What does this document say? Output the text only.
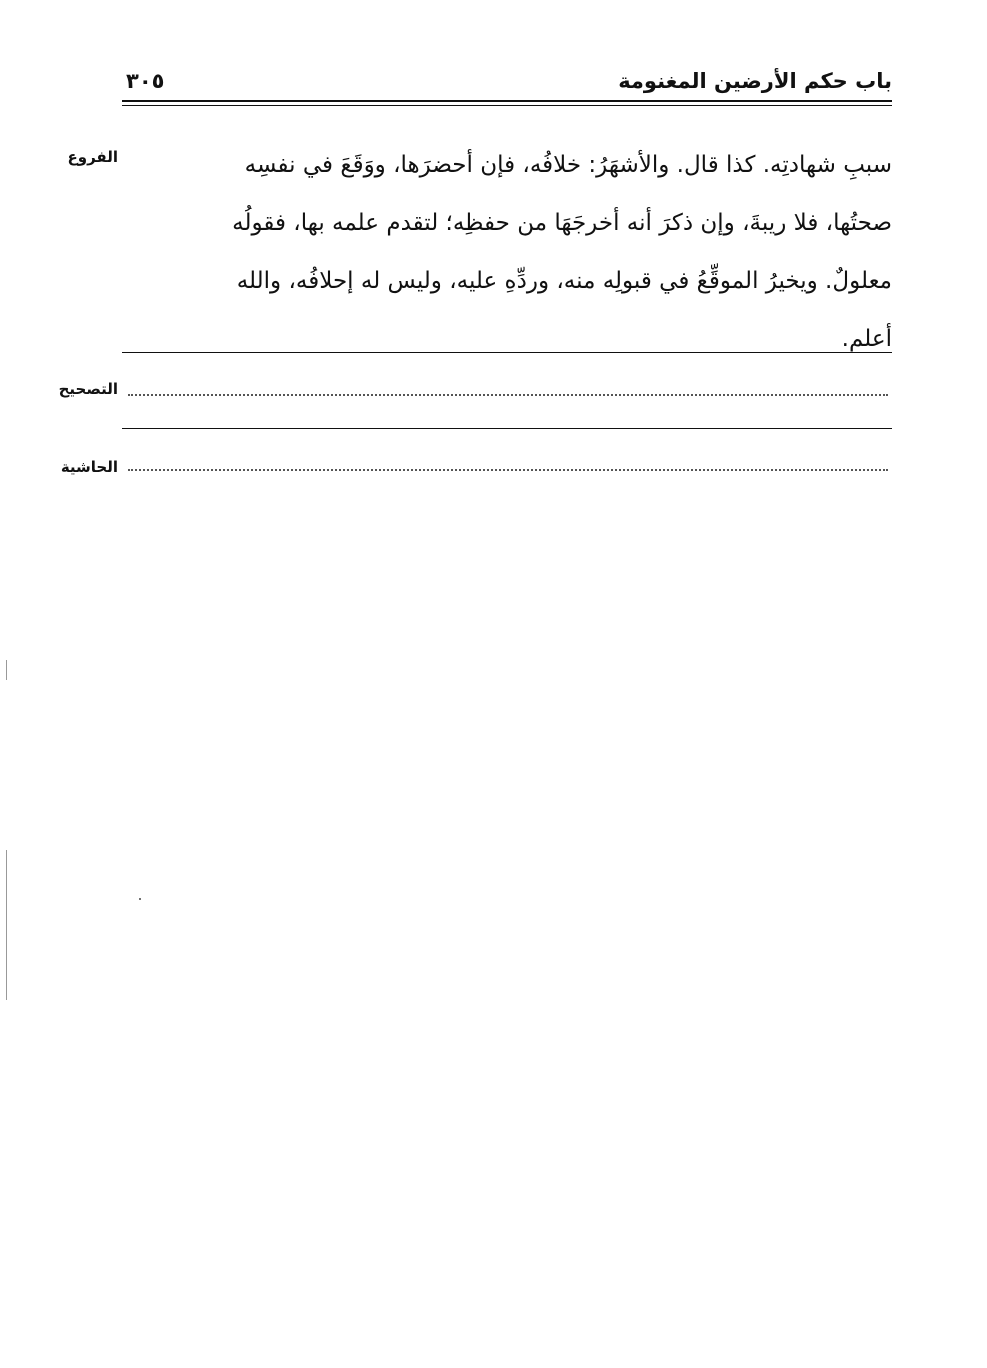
باب حكم الأرضين المغنومة
٣٠٥
الفروع	سببِ شهادتِه. كذا قال. والأشهَرُ: خلافُه، فإن أحضرَها، ووَقَعَ في نفسِه
صحتُها، فلا ريبةَ، وإن ذكرَ أنه أخرجَهَا من حفظِه؛ لتقدم علمه بها، فقولُه
معلولٌ. ويخيرُ الموقِّعُ في قبولِه منه، وردِّهِ عليه، وليس له إحلافُه، والله
أعلم.
التصحيح
الحاشية
